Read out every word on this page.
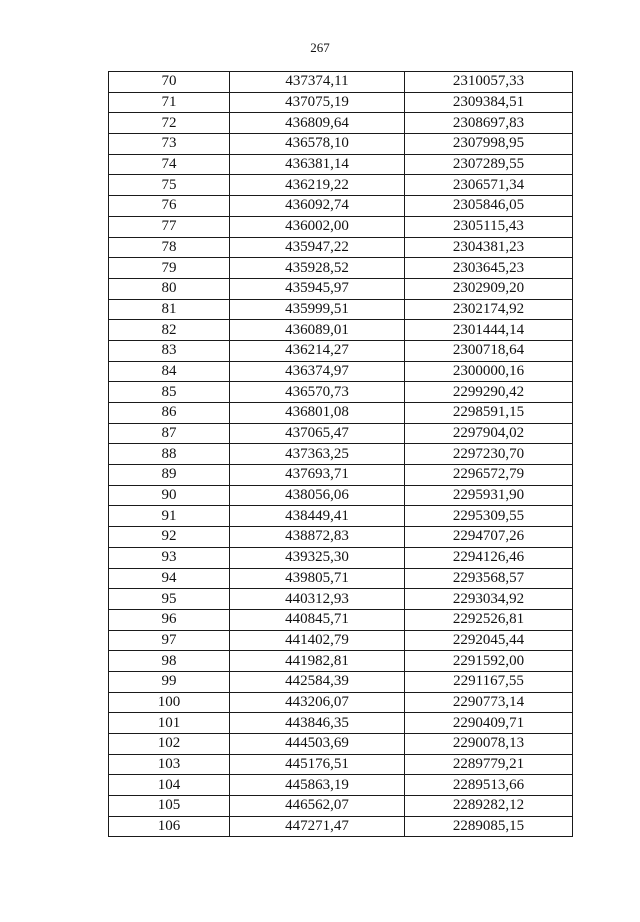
267
70	437374,11	2310057,33
71	437075,19	2309384,51
72	436809,64	2308697,83
73	436578,10	2307998,95
74	436381,14	2307289,55
75	436219,22	2306571,34
76	436092,74	2305846,05
77	436002,00	2305115,43
78	435947,22	2304381,23
79	435928,52	2303645,23
80	435945,97	2302909,20
81	435999,51	2302174,92
82	436089,01	2301444,14
83	436214,27	2300718,64
84	436374,97	2300000,16
85	436570,73	2299290,42
86	436801,08	2298591,15
87	437065,47	2297904,02
88	437363,25	2297230,70
89	437693,71	2296572,79
90	438056,06	2295931,90
91	438449,41	2295309,55
92	438872,83	2294707,26
93	439325,30	2294126,46
94	439805,71	2293568,57
95	440312,93	2293034,92
96	440845,71	2292526,81
97	441402,79	2292045,44
98	441982,81	2291592,00
99	442584,39	2291167,55
100	443206,07	2290773,14
101	443846,35	2290409,71
102	444503,69	2290078,13
103	445176,51	2289779,21
104	445863,19	2289513,66
105	446562,07	2289282,12
106	447271,47	2289085,15
